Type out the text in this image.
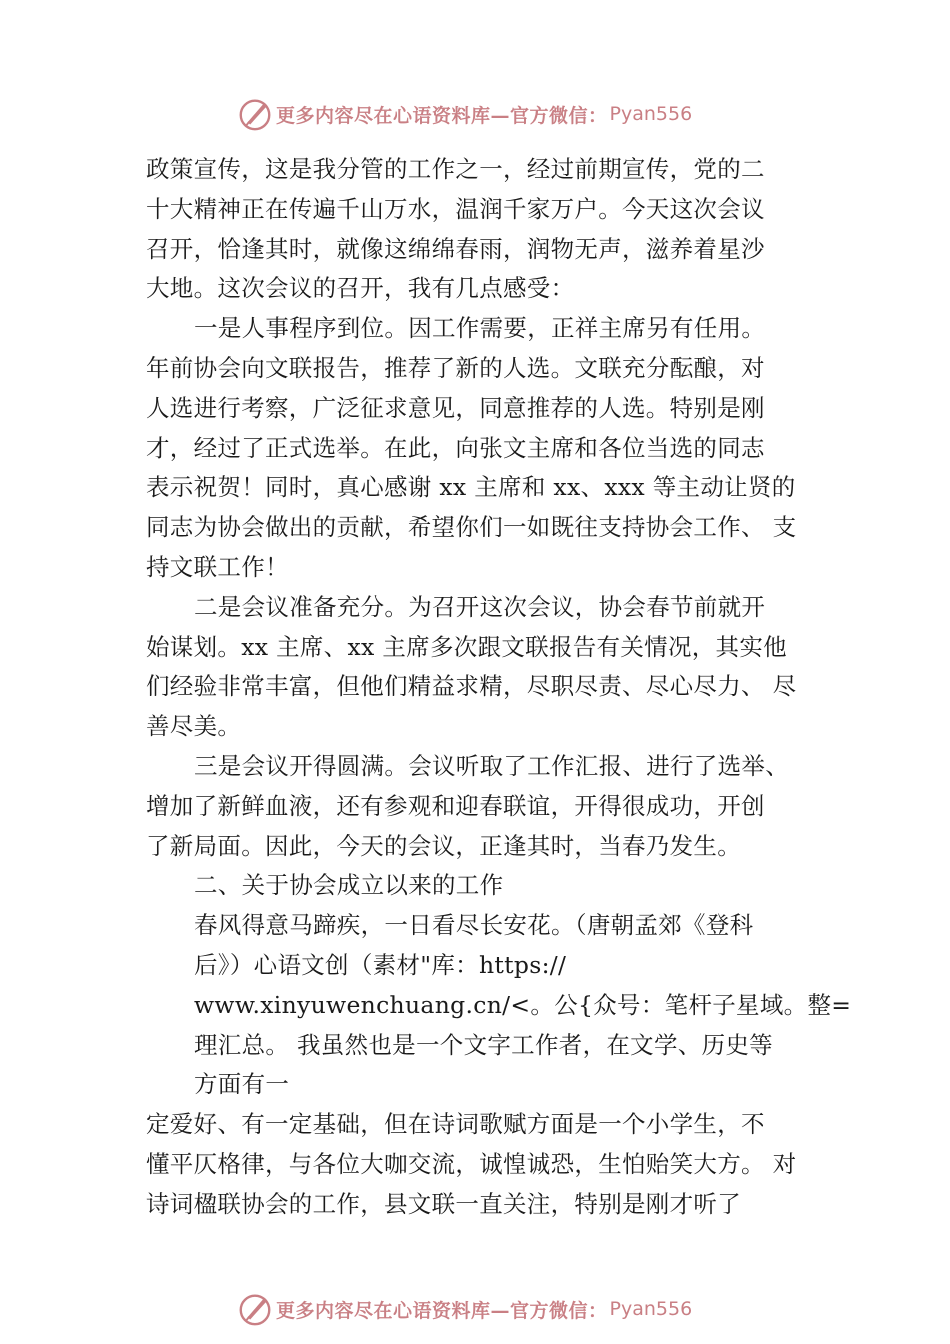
更多内容尽在心语资料库—官方微信： Pyan556
政策宣传，这是我分管的工作之一，经过前期宣传，党的二
十大精神正在传遍千山万水，温润千家万户。今天这次会议
召开，恰逢其时，就像这绵绵春雨，润物无声，滋养着星沙
大地。这次会议的召开，我有几点感受：
一是人事程序到位。因工作需要，正祥主席另有任用。
年前协会向文联报告，推荐了新的人选。文联充分酝酿，对
人选进行考察，广泛征求意见，同意推荐的人选。特别是刚
才，经过了正式选举。在此，向张文主席和各位当选的同志
表示祝贺！同时，真心感谢 xx 主席和 xx、xxx 等主动让贤的
同志为协会做出的贡献，希望你们一如既往支持协会工作、 支
持文联工作！
二是会议准备充分。为召开这次会议，协会春节前就开
始谋划。xx 主席、xx 主席多次跟文联报告有关情况，其实他
们经验非常丰富，但他们精益求精，尽职尽责、尽心尽力、 尽
善尽美。
三是会议开得圆满。会议听取了工作汇报、进行了选举、
增加了新鲜血液，还有参观和迎春联谊，开得很成功，开创
了新局面。因此，今天的会议，正逢其时，当春乃发生。
二、关于协会成立以来的工作
春风得意马蹄疾，一日看尽长安花。（唐朝孟郊《登科
后》）心语文创（素材"库：https://
www.xinyuwenchuang.cn/<。公{众号：笔杆子星域。整=
理汇总。 我虽然也是一个文字工作者，在文学、历史等
方面有一
定爱好、有一定基础，但在诗词歌赋方面是一个小学生，不
懂平仄格律，与各位大咖交流，诚惶诚恐，生怕贻笑大方。 对
诗词楹联协会的工作，县文联一直关注，特别是刚才听了
更多内容尽在心语资料库—官方微信： Pyan556
